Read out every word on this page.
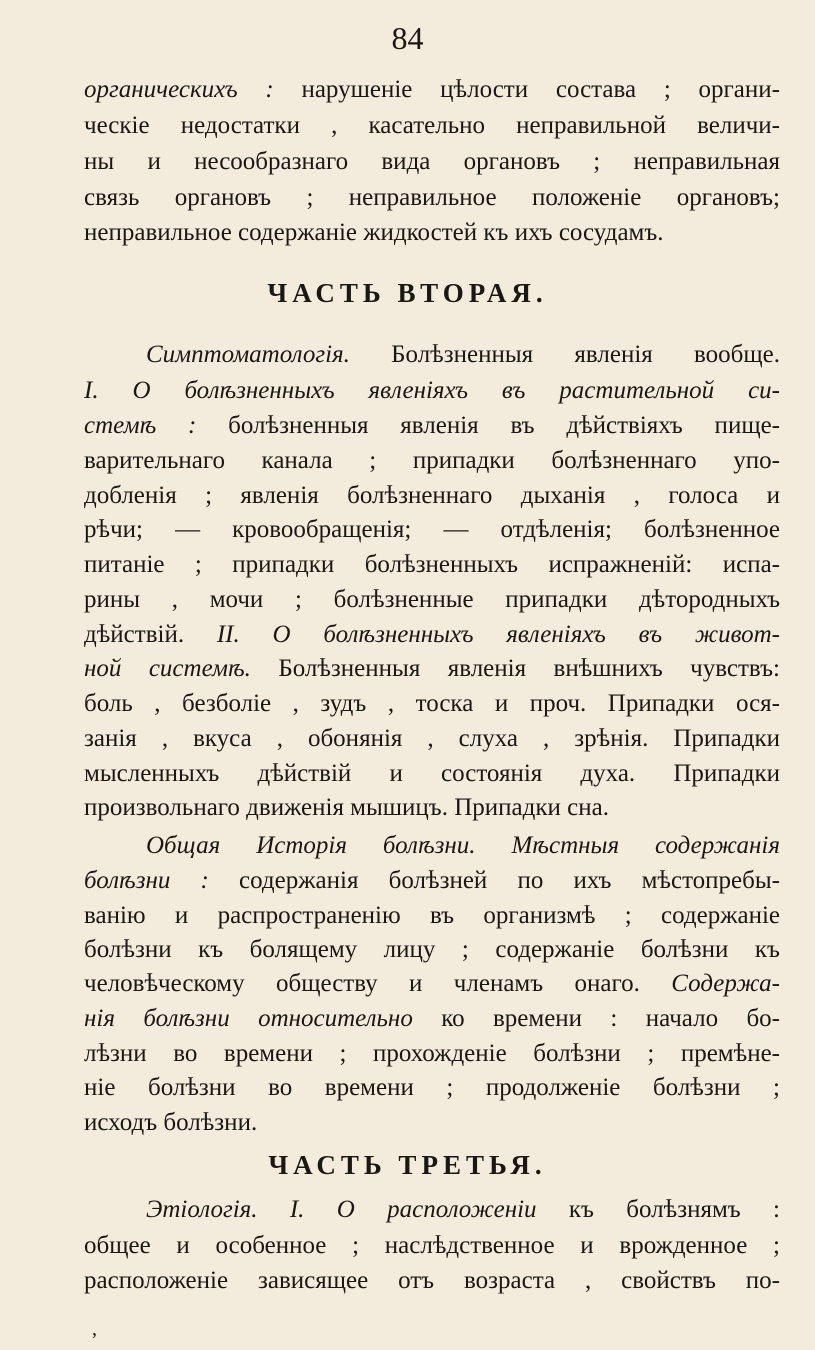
84
ЧАСТЬ ВТОРАЯ.
ЧАСТЬ ТРЕТЬЯ.
органическихъ : нарушеніе цѣлости состава ; органи-
ческіе недостатки , касательно неправильной величи-
ны и несообразнаго вида органовъ ; неправильная
связь органовъ ; неправильное положеніе органовъ;
неправильное содержаніе жидкостей къ ихъ сосудамъ.
Симптоматологія. Болѣзненныя явленія вообще.
I. О болѣзненныхъ явленіяхъ въ растительной си-
стемѣ : болѣзненныя явленія въ дѣйствіяхъ пище-
варительнаго канала ; припадки болѣзненнаго упо-
добленія ; явленія болѣзненнаго дыханія , голоса и
рѣчи; — кровообращенія; — отдѣленія; болѣзненное
питаніе ; припадки болѣзненныхъ испражненій: испа-
рины , мочи ; болѣзненные припадки дѣтородныхъ
дѣйствій. II. О болѣзненныхъ явленіяхъ въ живот-
ной системѣ. Болѣзненныя явленія внѣшнихъ чувствъ:
боль , безболіе , зудъ , тоска и проч. Припадки ося-
занія , вкуса , обонянія , слуха , зрѣнія. Припадки
мысленныхъ дѣйствій и состоянія духа. Припадки
произвольнаго движенія мышицъ. Припадки сна.
Общая Исторія болѣзни. Мѣстныя содержанія
болѣзни : содержанія болѣзней по ихъ мѣстопребы-
ванію и распространенію въ организмѣ ; содержаніе
болѣзни къ болящему лицу ; содержаніе болѣзни къ
человѣческому обществу и членамъ онаго. Содержа-
нія болѣзни относительно ко времени : начало бо-
лѣзни во времени ; прохожденіе болѣзни ; премѣне-
ніе болѣзни во времени ; продолженіе болѣзни ;
исходъ болѣзни.
Этіологія. I. О расположеніи къ болѣзнямъ :
общее и особенное ; наслѣдственное и врожденное ;
расположеніе зависящее отъ возраста , свойствъ по-
,
